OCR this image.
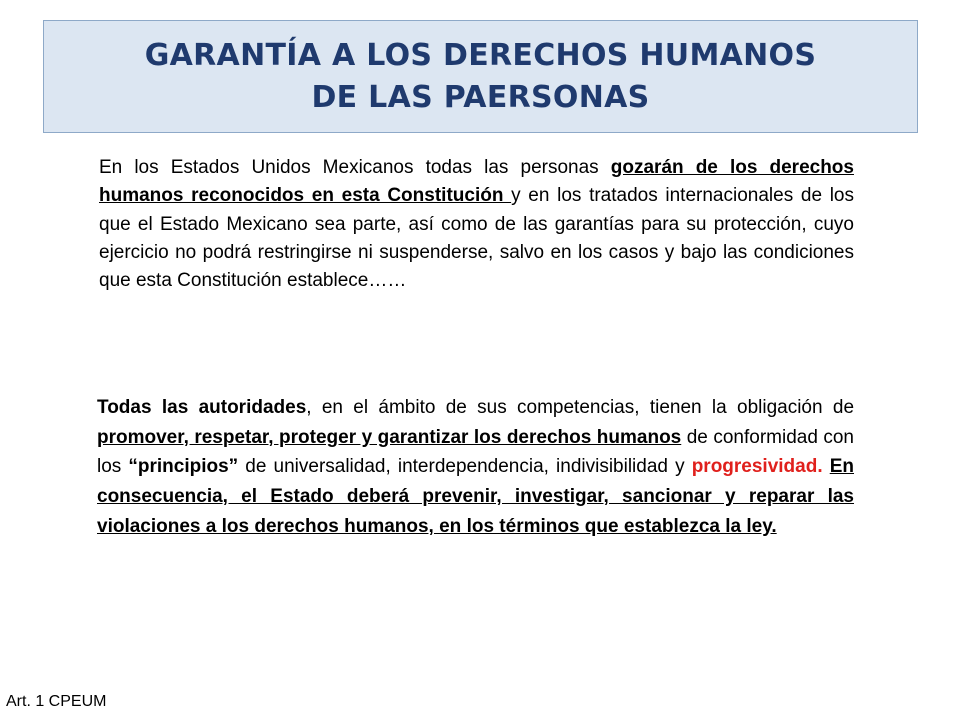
GARANTÍA A LOS DERECHOS HUMANOS
DE LAS PAERSONAS
En los Estados Unidos Mexicanos todas las personas gozarán de los derechos humanos reconocidos en esta Constitución y en los tratados internacionales de los que el Estado Mexicano sea parte, así como de las garantías para su protección, cuyo ejercicio no podrá restringirse ni suspenderse, salvo en los casos y bajo las condiciones que esta Constitución establece……
Todas las autoridades, en el ámbito de sus competencias, tienen la obligación de promover, respetar, proteger y garantizar los derechos humanos de conformidad con los “principios” de universalidad, interdependencia, indivisibilidad y progresividad. En consecuencia, el Estado deberá prevenir, investigar, sancionar y reparar las violaciones a los derechos humanos, en los términos que establezca la ley.
Art. 1 CPEUM
